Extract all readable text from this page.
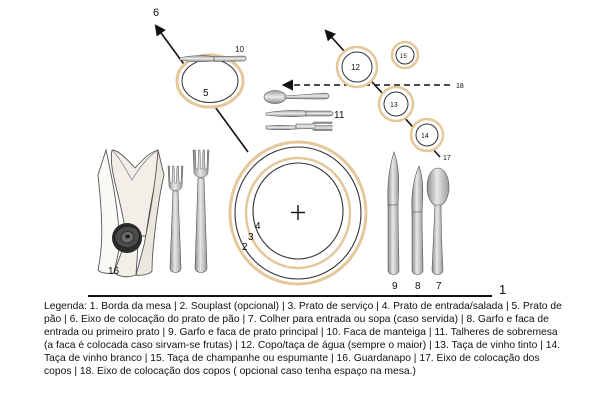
1
6
5
10
11
18
17
12
13
14
15
2
3
4
16
9 8 7
Legenda: 1. Borda da mesa | 2. Souplast (opcional) | 3. Prato de serviço | 4. Prato de entrada/salada | 5. Prato de pão | 6. Eixo de colocação do prato de pão | 7. Colher para entrada ou sopa (caso servida) | 8. Garfo e faca de entrada ou primeiro prato | 9. Garfo e faca de prato principal | 10. Faca de manteiga | 11. Talheres de sobremesa (a faca é colocada caso sirvam-se frutas) | 12. Copo/taça de água (sempre o maior) | 13. Taça de vinho tinto | 14. Taça de vinho branco | 15. Taça de champanhe ou espumante | 16. Guardanapo | 17. Eixo de colocação dos copos | 18. Eixo de colocação dos copos ( opcional caso tenha espaço na mesa.)
